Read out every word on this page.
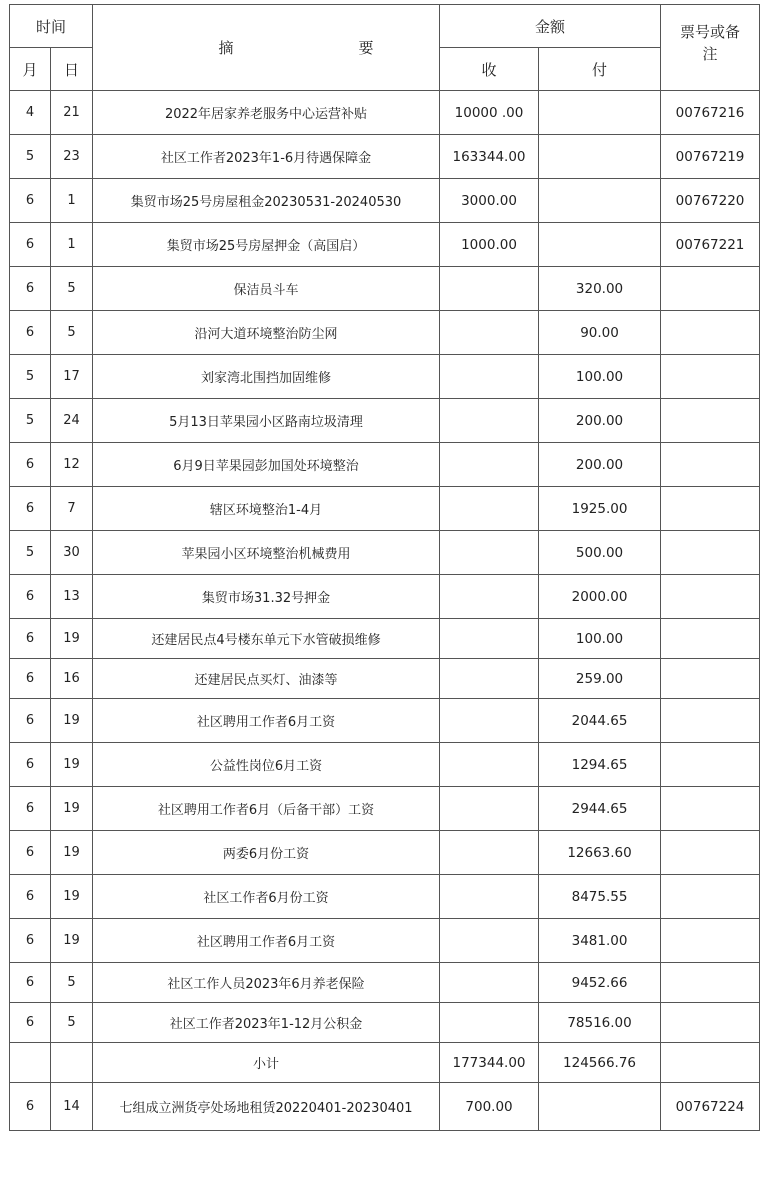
时间		摘 要	金额		票号或备注
月	日		收	付	
4	21	2022年居家养老服务中心运营补贴	10000 .00		00767216
5	23	社区工作者2023年1-6月待遇保障金	163344.00		00767219
6	1	集贸市场25号房屋租金20230531-20240530	3000.00		00767220
6	1	集贸市场25号房屋押金（高国启）	1000.00		00767221
6	5	保洁员斗车		320.00	
6	5	沿河大道环境整治防尘网		90.00	
5	17	刘家湾北围挡加固维修		100.00	
5	24	5月13日苹果园小区路南垃圾清理		200.00	
6	12	6月9日苹果园彭加国处环境整治		200.00	
6	7	辖区环境整治1-4月		1925.00	
5	30	苹果园小区环境整治机械费用		500.00	
6	13	集贸市场31.32号押金		2000.00	
6	19	还建居民点4号楼东单元下水管破损维修		100.00	
6	16	还建居民点买灯、油漆等		259.00	
6	19	社区聘用工作者6月工资		2044.65	
6	19	公益性岗位6月工资		1294.65	
6	19	社区聘用工作者6月（后备干部）工资		2944.65	
6	19	两委6月份工资		12663.60	
6	19	社区工作者6月份工资		8475.55	
6	19	社区聘用工作者6月工资		3481.00	
6	5	社区工作人员2023年6月养老保险		9452.66	
6	5	社区工作者2023年1-12月公积金		78516.00	
		小计	177344.00	124566.76	
6	14	七组成立洲货亭处场地租赁20220401-20230401	700.00		00767224
